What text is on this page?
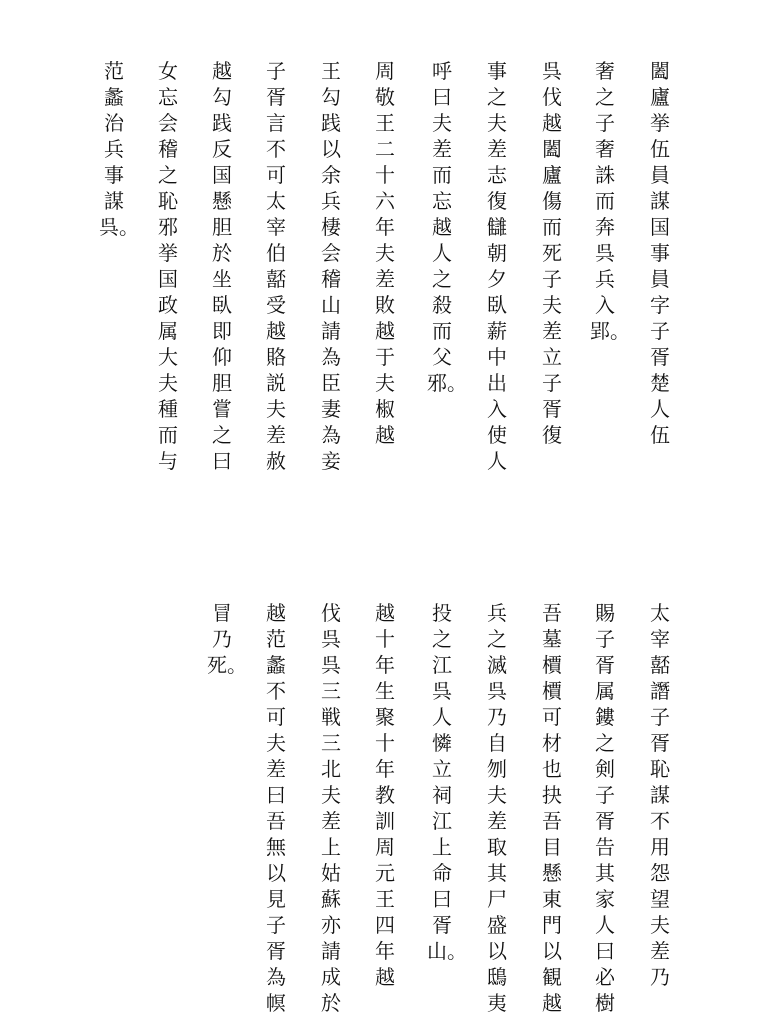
闔廬挙伍員謀国事員字子胥楚人伍
奢之子奢誅而奔呉兵入郢。
呉伐越闔廬傷而死子夫差立子胥復
事之夫差志復讎朝夕臥薪中出入使人
呼曰夫差而忘越人之殺而父邪。
周敬王二十六年夫差敗越于夫椒越
王勾践以余兵棲会稽山請為臣妻為妾
子胥言不可太宰伯嚭受越賂説夫差赦
越勾践反国懸胆於坐臥即仰胆嘗之曰
女忘会稽之恥邪挙国政属大夫種而与
范蠡治兵事謀呉。
太宰嚭譖子胥恥謀不用怨望夫差乃
賜子胥属鏤之剣子胥告其家人曰必樹
吾墓檟檟可材也抉吾目懸東門以観越
兵之滅呉乃自刎夫差取其尸盛以鴟夷
投之江呉人憐立祠江上命曰胥山。
越十年生聚十年教訓周元王四年越
伐呉呉三戦三北夫差上姑蘇亦請成於
越范蠡不可夫差曰吾無以見子胥為幎
冒乃死。
